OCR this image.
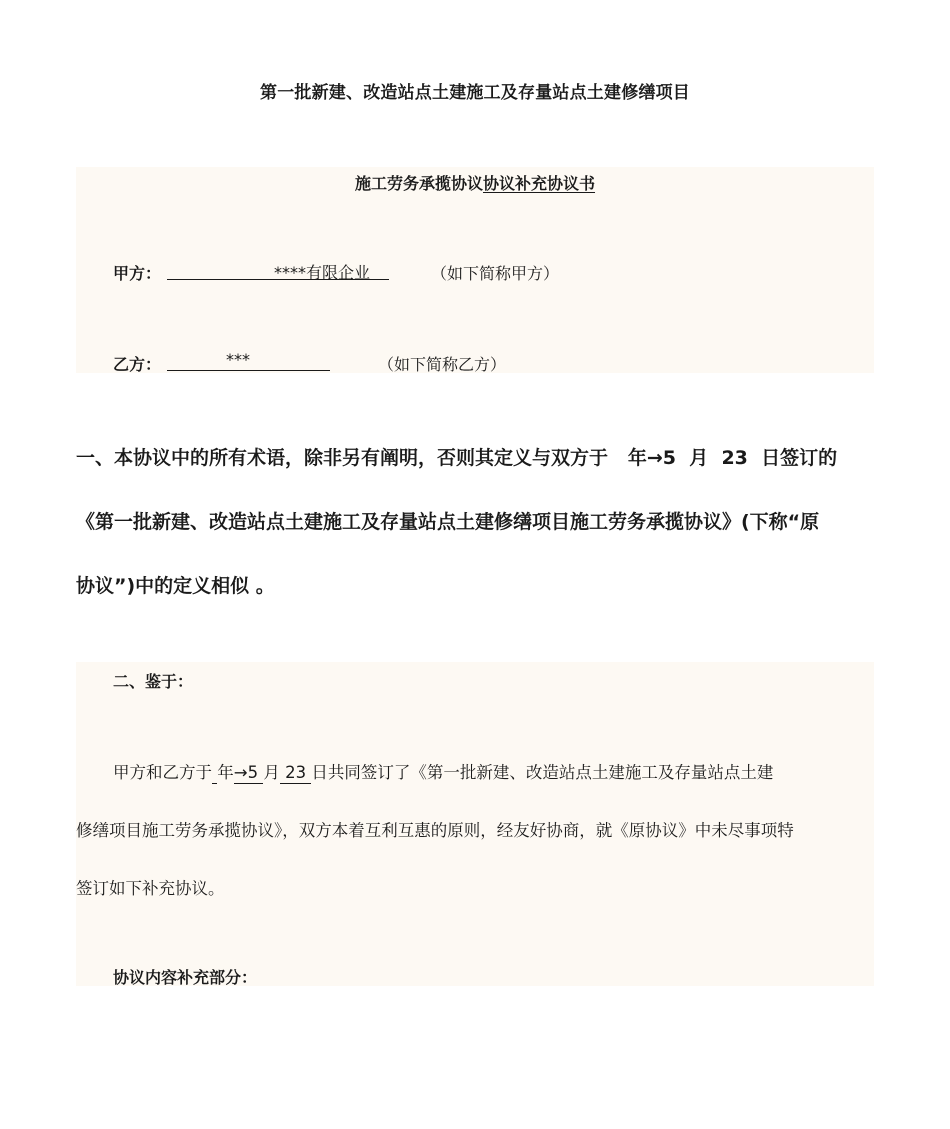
第一批新建、改造站点土建施工及存量站点土建修缮项目
施工劳务承揽协议协议补充协议书
甲方：	****有限企业	（如下简称甲方）
乙方：	***	（如下简称乙方）
一、本协议中的所有术语，除非另有阐明，否则其定义与双方于   年→5  月  23  日签订的
《第一批新建、改造站点土建施工及存量站点土建修缮项目施工劳务承揽协议》(下称“原
协议”)中的定义相似 。
二、鉴于：
甲方和乙方于 年→5 月 23 日共同签订了《第一批新建、改造站点土建施工及存量站点土建
修缮项目施工劳务承揽协议》，双方本着互利互惠的原则，经友好协商，就《原协议》中未尽事项特
签订如下补充协议。
协议内容补充部分：
